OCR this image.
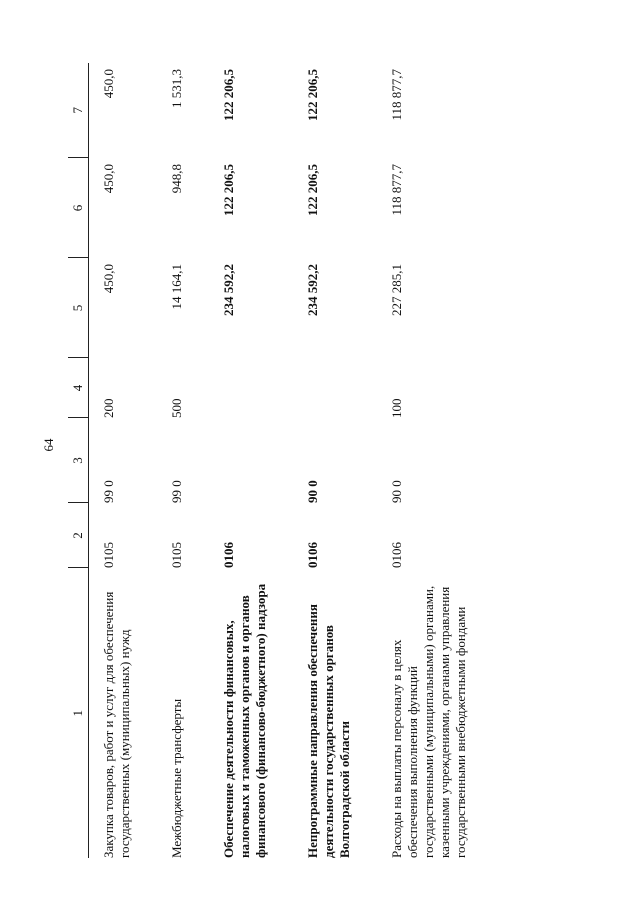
64
1	2	3	4	5	6	7
Закупка товаров, работ и услуг для обеспечения государственных (муниципальных) нужд	0105	99 0	200	450,0	450,0	450,0
Межбюджетные трансферты	0105	99 0	500	14 164,1	948,8	1 531,3
Обеспечение деятельности финансовых, налоговых и таможенных органов и органов финансового (финансово-бюджетного) надзора	0106			234 592,2	122 206,5	122 206,5
Непрограммные направления обеспечения деятельности государственных органов Волгоградской области	0106	90 0		234 592,2	122 206,5	122 206,5
Расходы на выплаты персоналу в целях обеспечения выполнения функций государственными (муниципальными) органами, казенными учреждениями, органами управления государственными внебюджетными фондами	0106	90 0	100	227 285,1	118 877,7	118 877,7
